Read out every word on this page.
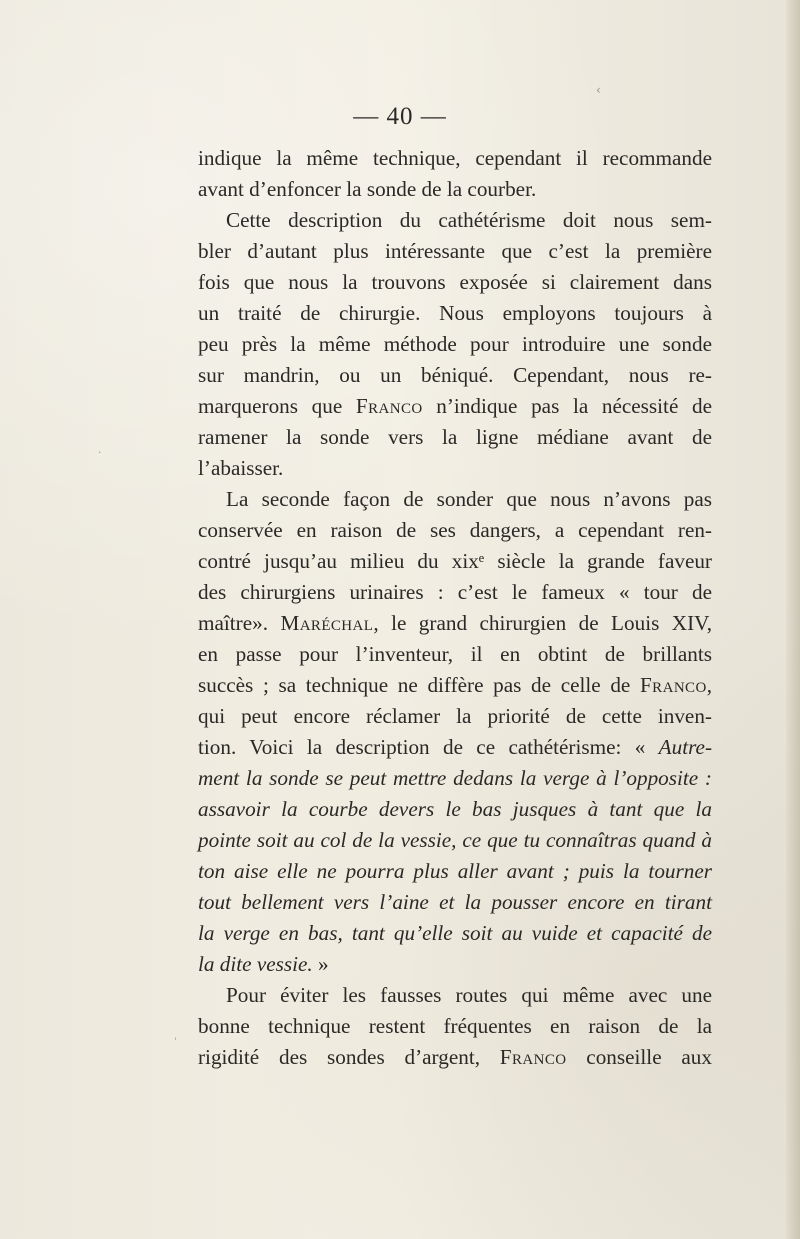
‹
·
ˈ
— 40 —
indique la même technique, cependant il recommande
avant d’enfoncer la sonde de la courber.
Cette description du cathétérisme doit nous sem-
bler d’autant plus intéressante que c’est la première
fois que nous la trouvons exposée si clairement dans
un traité de chirurgie. Nous employons toujours à
peu près la même méthode pour introduire une sonde
sur mandrin, ou un béniqué. Cependant, nous re-
marquerons que Franco n’indique pas la nécessité de
ramener la sonde vers la ligne médiane avant de
l’abaisser.
La seconde façon de sonder que nous n’avons pas
conservée en raison de ses dangers, a cependant ren-
contré jusqu’au milieu du xixᵉ siècle la grande faveur
des chirurgiens urinaires : c’est le fameux « tour de
maître». Maréchal, le grand chirurgien de Louis XIV,
en passe pour l’inventeur, il en obtint de brillants
succès ; sa technique ne diffère pas de celle de Franco,
qui peut encore réclamer la priorité de cette inven-
tion. Voici la description de ce cathétérisme: « Autre-
ment la sonde se peut mettre dedans la verge à l’opposite :
assavoir la courbe devers le bas jusques à tant que la
pointe soit au col de la vessie, ce que tu connaîtras quand à
ton aise elle ne pourra plus aller avant ; puis la tourner
tout bellement vers l’aine et la pousser encore en tirant
la verge en bas, tant qu’elle soit au vuide et capacité de
la dite vessie. »
Pour éviter les fausses routes qui même avec une
bonne technique restent fréquentes en raison de la
rigidité des sondes d’argent, Franco conseille aux
